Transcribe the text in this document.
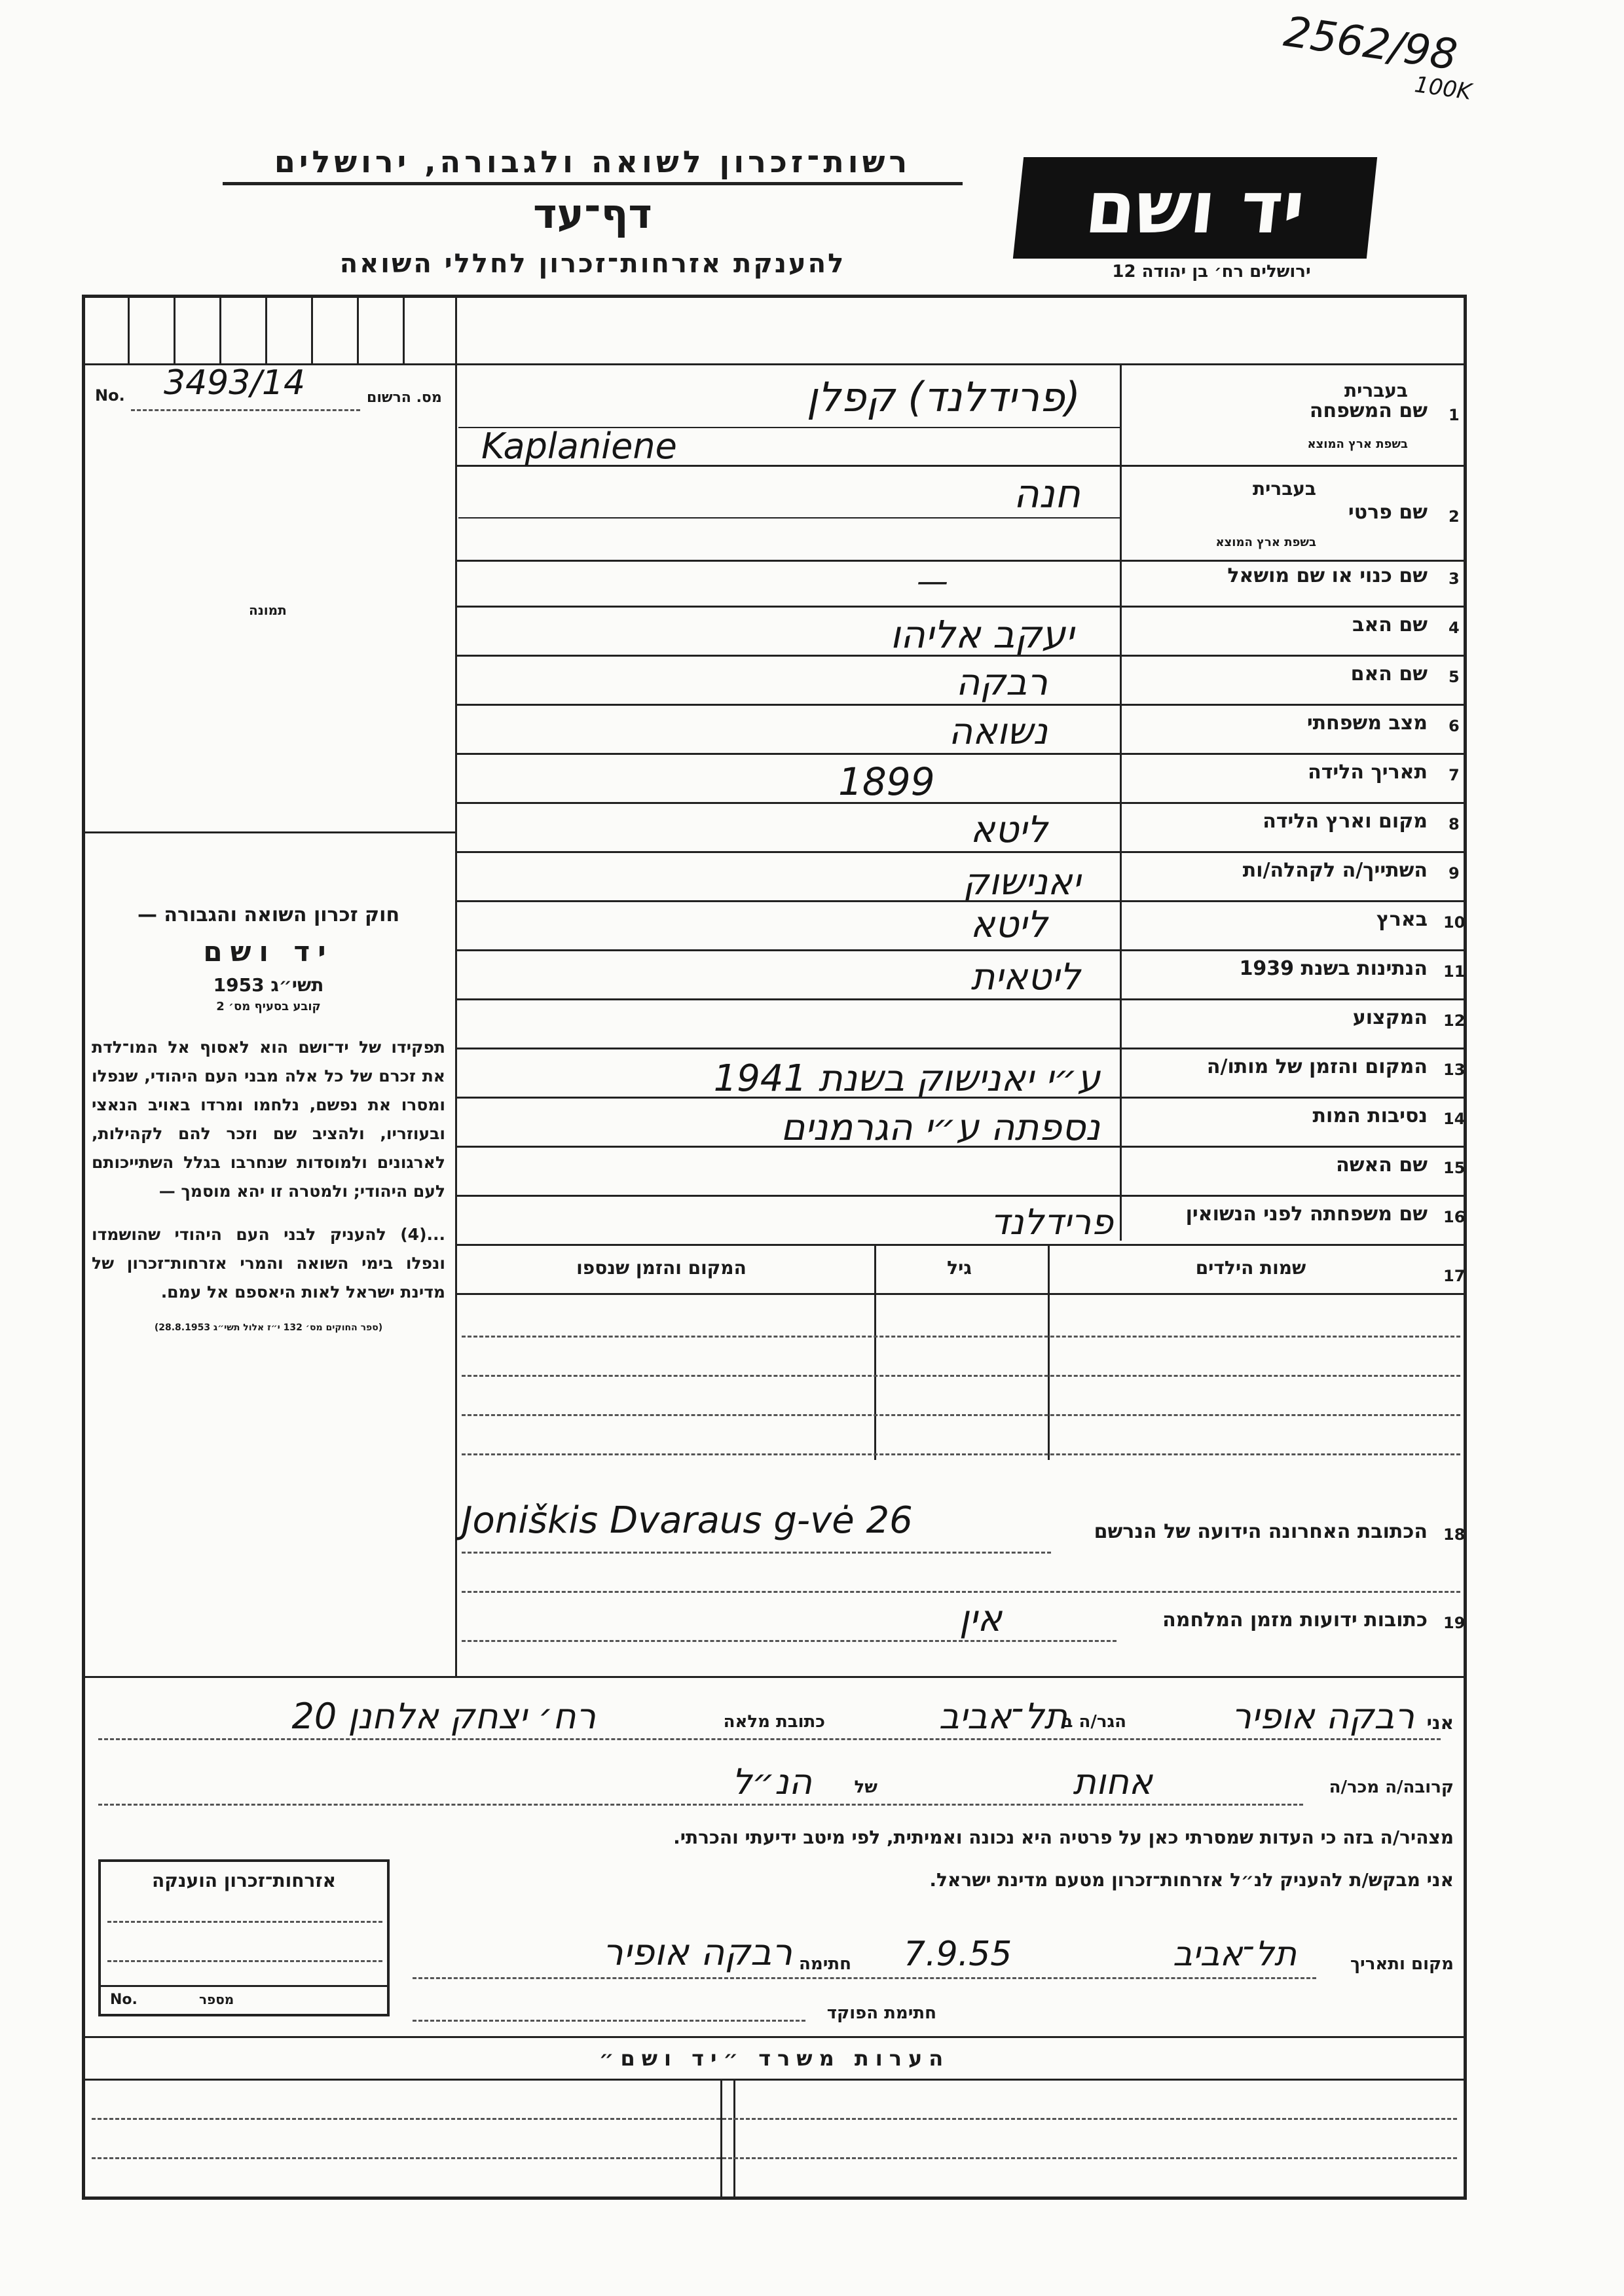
2562/98
100K
רשות־זכרון לשואה ולגבורה, ירושלים
דף־עד
להענקת אזרחות־זכרון לחללי השואה
יד ושם
ירושלים רח׳ בן יהודה 12
No. 3493/14	מס. הרשום
תמונה
חוק זכרון השואה והגבורה —
יד ושם
תשי״ג 1953
קובע בסעיף מס׳ 2
תפקידו של יד־ושם הוא לאסוף אל המו־לדת את זכרם של כל אלה מבני העם היהודי, שנפלו ומסרו את נפשם, נלחמו ומרדו באויב הנאצי ובעוזריו, ולהציב שם וזכר להם לקהילות, לארגונים ולמוסדות שנחרבו בגלל השתייכותם לעם היהודי; ולמטרה זו יהא מוסמך —
...(4) להעניק לבני העם היהודי שהושמדו ונפלו בימי השואה והמרי אזרחות־זכרון של מדינת ישראל לאות היאספם אל עמם.
(ספר החוקים מס׳ 132 י״ז אלול תשי״ג 28.8.1953)
1
שם המשפחה
בעברית
בשפת ארץ המוצא
(פרידלנד) קפלן
Kaplaniene
2
שם פרטי
בעברית
בשפת ארץ המוצא
חנה
3
שם כנוי או שם מושאל
—
4
שם האב
יעקב אליהו
5
שם האם
רבקה
6
מצב משפחתי
נשואה
7
תאריך הלידה
1899
8
מקום וארץ הלידה
ליטא
9
השתייך/ה לקהלה/ות
יאנישוק
10
בארץ
ליטא
11
הנתינות בשנת 1939
ליטאית
12
המקצוע
13
המקום והזמן של מותו/ה
ע״י יאנישוק בשנת 1941
14
נסיבות המות
נספתה ע״י הגרמנים
15
שם האשה
16
שם משפחתה לפני הנשואין
פרידלנד
17
שמות הילדים
גיל
המקום והזמן שנספו
18
הכתובת האחרונה הידועה של הנרשם
Joniškis Dvaraus g-vė 26
19
כתובות ידועות מזמן המלחמה
אין
אני
רבקה אופיר
הגר/ה ב
תל־אביב
כתובת מלאה
רח׳ יצחק אלחנן 20
קרובה/ה מכר/ה
אחות
של
הנ״ל
מצהיר/ה בזה כי העדות שמסרתי כאן על פרטיה היא נכונה ואמיתית, לפי מיטב ידיעתי והכרתי.
אני מבקש/ת להעניק לנ״ל אזרחות־זכרון מטעם מדינת ישראל.
מקום ותאריך
תל־אביב
7.9.55
חתימה
רבקה אופיר
חתימת הפוקד
אזרחות־זכרון הוענקה
No.	מספר
הערות משרד ״יד ושם״
